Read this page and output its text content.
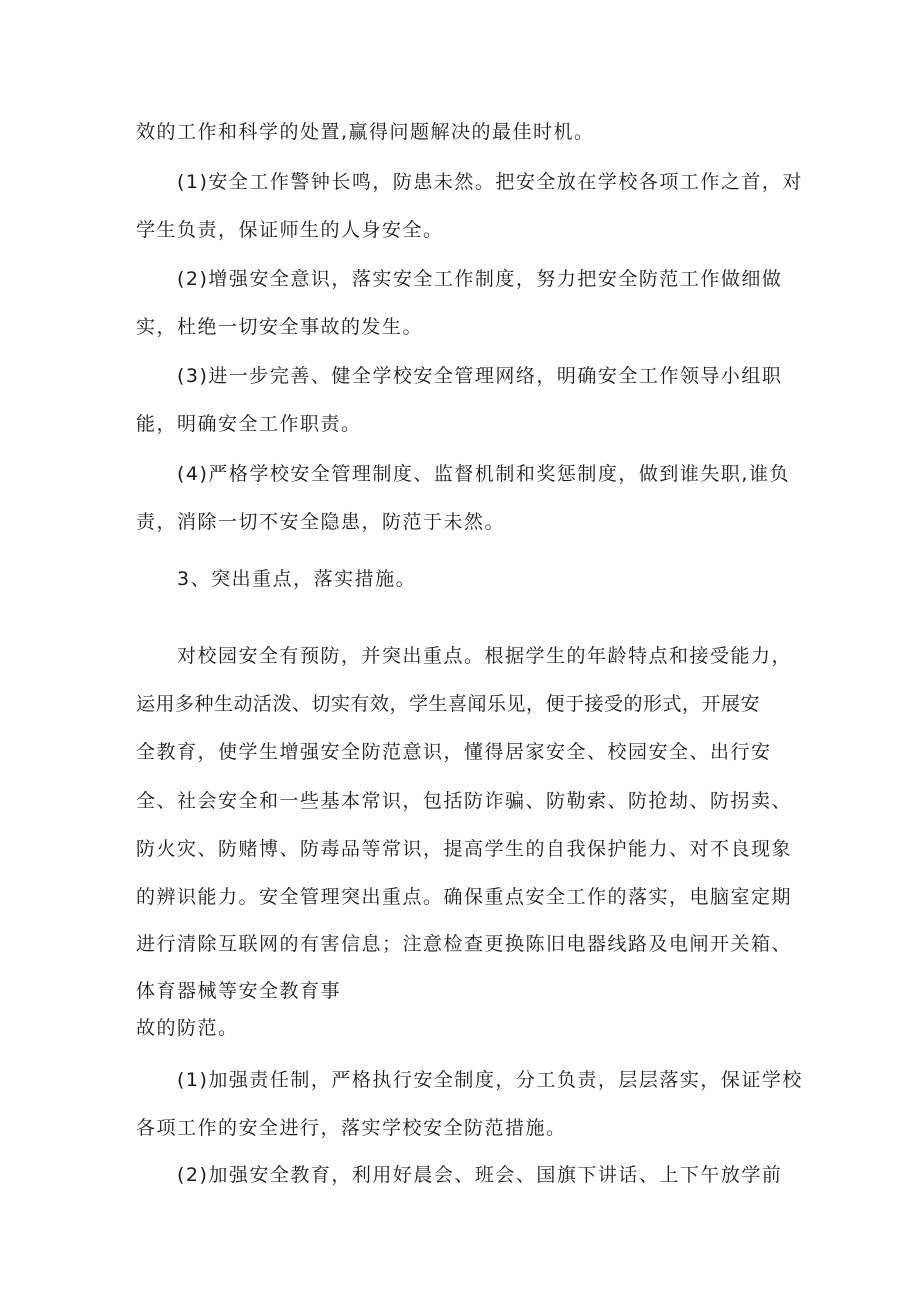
效的工作和科学的处置,赢得问题解决的最佳时机。
(1)安全工作警钟长鸣，防患未然。把安全放在学校各项工作之首，对
学生负责，保证师生的人身安全。
(2)增强安全意识，落实安全工作制度，努力把安全防范工作做细做
实，杜绝一切安全事故的发生。
(3)进一步完善、健全学校安全管理网络，明确安全工作领导小组职
能，明确安全工作职责。
(4)严格学校安全管理制度、监督机制和奖惩制度，做到谁失职,谁负
责，消除一切不安全隐患，防范于未然。
3、突出重点，落实措施。
对校园安全有预防，并突出重点。根据学生的年龄特点和接受能力，
运用多种生动活泼、切实有效，学生喜闻乐见，便于接受的形式，开展安
全教育，使学生增强安全防范意识，懂得居家安全、校园安全、出行安
全、社会安全和一些基本常识，包括防诈骗、防勒索、防抢劫、防拐卖、
防火灾、防赌博、防毒品等常识，提高学生的自我保护能力、对不良现象
的辨识能力。安全管理突出重点。确保重点安全工作的落实，电脑室定期
进行清除互联网的有害信息；注意检查更换陈旧电器线路及电闸开关箱、
体育器械等安全教育事
故的防范。
(1)加强责任制，严格执行安全制度，分工负责，层层落实，保证学校
各项工作的安全进行，落实学校安全防范措施。
(2)加强安全教育，利用好晨会、班会、国旗下讲话、上下午放学前
